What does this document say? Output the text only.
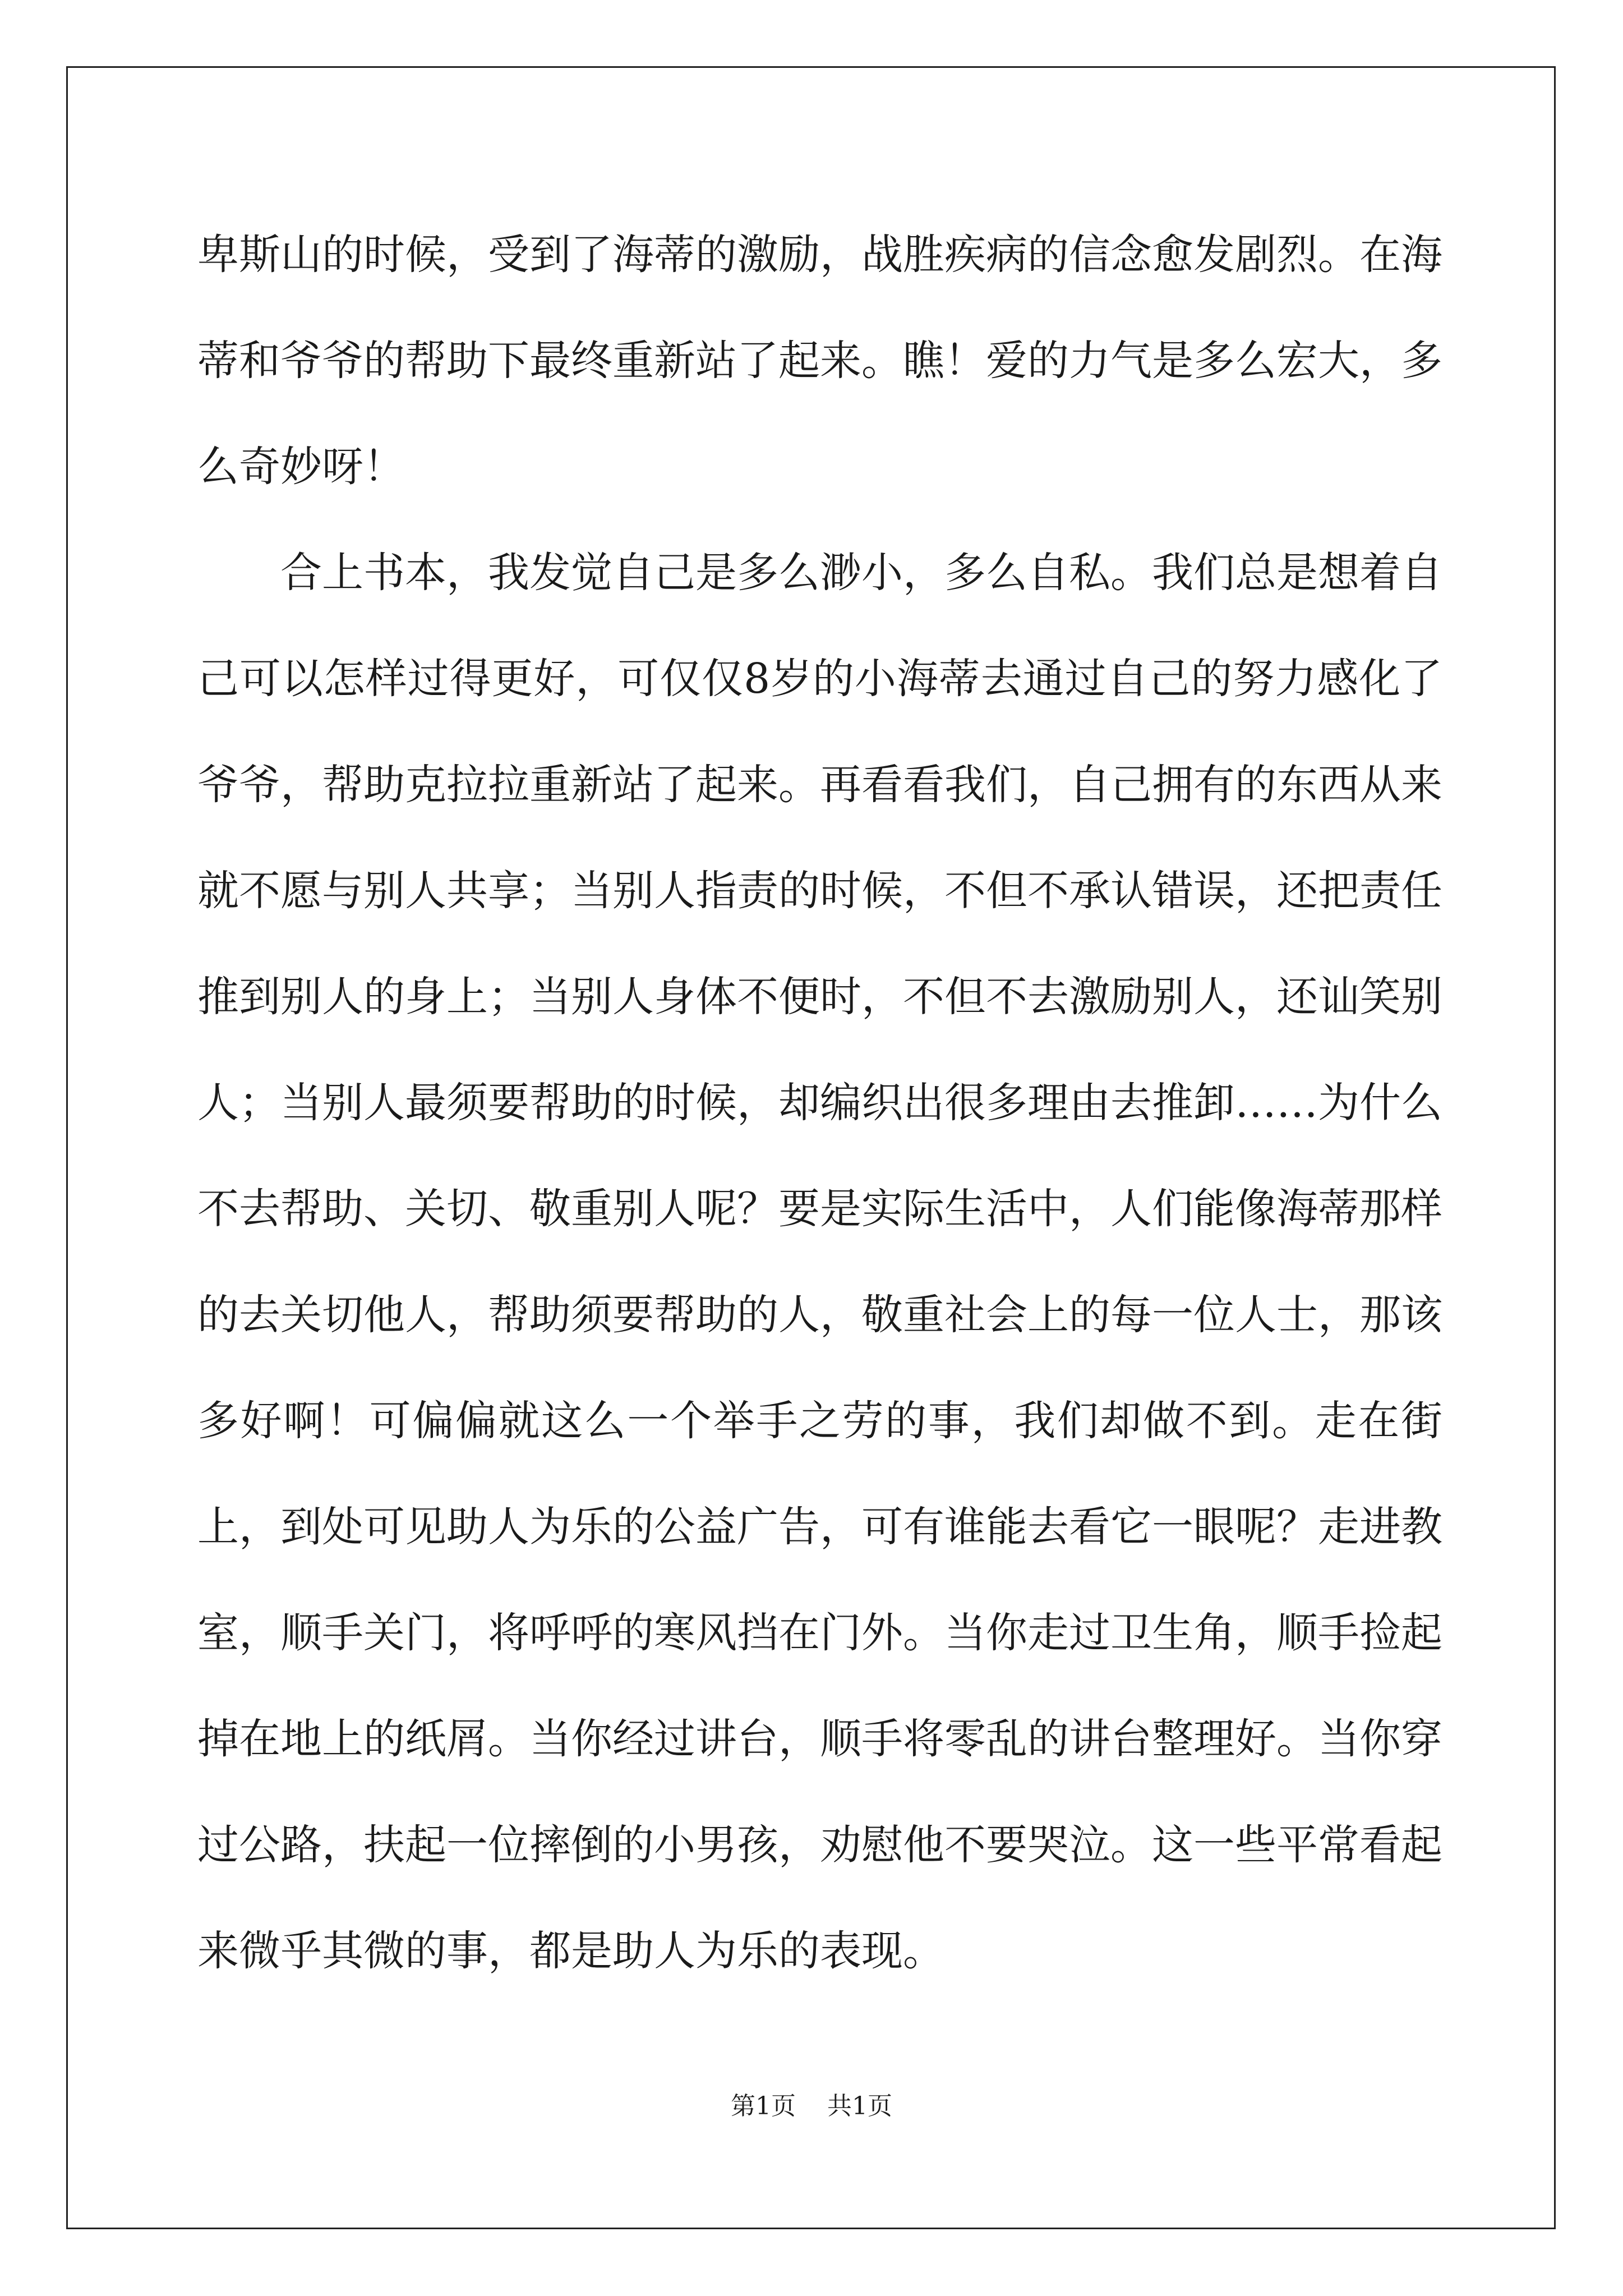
卑斯山的时候，受到了海蒂的激励，战胜疾病的信念愈发剧烈。在海蒂和爷爷的帮助下最终重新站了起来。瞧！爱的力气是多么宏大，多么奇妙呀！

合上书本，我发觉自己是多么渺小，多么自私。我们总是想着自己可以怎样过得更好，可仅仅8岁的小海蒂去通过自己的努力感化了爷爷，帮助克拉拉重新站了起来。再看看我们，自己拥有的东西从来就不愿与别人共享；当别人指责的时候，不但不承认错误，还把责任推到别人的身上；当别人身体不便时，不但不去激励别人，还讪笑别人；当别人最须要帮助的时候，却编织出很多理由去推卸……为什么不去帮助、关切、敬重别人呢？要是实际生活中，人们能像海蒂那样的去关切他人，帮助须要帮助的人，敬重社会上的每一位人士，那该多好啊！可偏偏就这么一个举手之劳的事，我们却做不到。走在街上，到处可见助人为乐的公益广告，可有谁能去看它一眼呢？走进教室，顺手关门，将呼呼的寒风挡在门外。当你走过卫生角，顺手捡起掉在地上的纸屑。当你经过讲台，顺手将零乱的讲台整理好。当你穿过公路，扶起一位摔倒的小男孩，劝慰他不要哭泣。这一些平常看起来微乎其微的事，都是助人为乐的表现。

第1页 共1页
